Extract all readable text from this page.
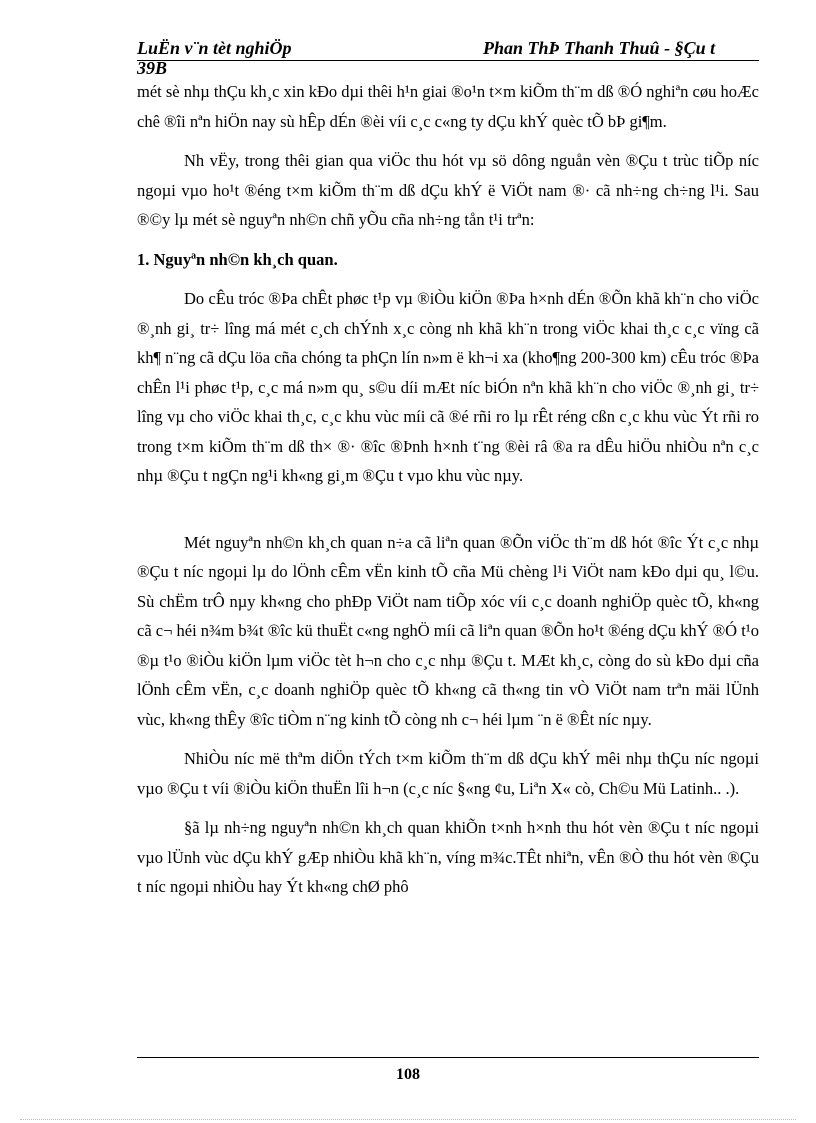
LuËn v¨n tèt nghiÖp
39B
Phan ThÞ Thanh Thuû - §Çu t

mét sè nhµ thÇu kh¸c xin kÐo dµi thêi h¹n giai ®o¹n t×m kiÕm th¨m dß ®Ó nghiªn cøu hoÆc chê ®îi nªn hiÖn nay sù hÊp dÉn ®èi víi c¸c c«ng ty dÇu khÝ quèc tÕ bÞ gi¶m.

Nh vËy, trong thêi gian qua viÖc thu hót vµ sö dông nguån vèn ®Çu t trùc tiÕp níc ngoµi vµo ho¹t ®éng t×m kiÕm th¨m dß dÇu khÝ ë ViÖt nam ®· cã nh÷ng ch÷ng l¹i. Sau ®©y lµ mét sè nguyªn nh©n chñ yÕu cña nh÷ng tån t¹i trªn:

1. Nguyªn nh©n kh¸ch quan.

Do cÊu tróc ®Þa chÊt phøc t¹p vµ ®iÒu kiÖn ®Þa h×nh dÉn ®Õn khã kh¨n cho viÖc ®¸nh gi¸ tr÷ lîng má mét c¸ch chÝnh x¸c còng nh khã kh¨n trong viÖc khai th¸c c¸c vïng cã kh¶ n¨ng cã dÇu löa cña chóng ta phÇn lín n»m ë kh¬i xa (kho¶ng 200-300 km) cÊu tróc ®Þa chÊn l¹i phøc t¹p, c¸c má n»m qu¸ s©u díi mÆt níc biÓn nªn khã kh¨n cho viÖc ®¸nh gi¸ tr÷ lîng vµ cho viÖc khai th¸c, c¸c khu vùc míi cã ®é rñi ro lµ rÊt réng cßn c¸c khu vùc Ýt rñi ro trong t×m kiÕm th¨m dß th× ®· ®îc ®Þnh h×nh t¨ng ®èi râ ®a ra dÊu hiÖu nhiÒu nªn c¸c nhµ ®Çu t ngÇn ng¹i kh«ng gi¸m ®Çu t vµo khu vùc nµy.

Mét nguyªn nh©n kh¸ch quan n÷a cã liªn quan ®Õn viÖc th¨m dß hót ®îc Ýt c¸c nhµ ®Çu t níc ngoµi lµ do lÖnh cÊm vËn kinh tÕ cña Mü chèng l¹i ViÖt nam kÐo dµi qu¸ l©u. Sù chËm trÔ nµy kh«ng cho phÐp ViÖt nam tiÕp xóc víi c¸c doanh nghiÖp quèc tÕ, kh«ng cã c¬ héi n¾m b¾t ®îc kü thuËt c«ng nghÖ míi cã liªn quan ®Õn ho¹t ®éng dÇu khÝ ®Ó t¹o ®µ t¹o ®iÒu kiÖn lµm viÖc tèt h¬n cho c¸c nhµ ®Çu t. MÆt kh¸c, còng do sù kÐo dµi cña lÖnh cÊm vËn, c¸c doanh nghiÖp quèc tÕ kh«ng cã th«ng tin vÒ ViÖt nam trªn mäi lÜnh vùc, kh«ng thÊy ®îc tiÒm n¨ng kinh tÕ còng nh c¬ héi lµm ¨n ë ®Êt níc nµy.

NhiÒu níc më thªm diÖn tÝch t×m kiÕm th¨m dß dÇu khÝ mêi nhµ thÇu níc ngoµi vµo ®Çu t víi ®iÒu kiÖn thuËn lîi h¬n (c¸c níc §«ng ¢u, Liªn X« cò, Ch©u Mü Latinh.. .).

§ã lµ nh÷ng nguyªn nh©n kh¸ch quan khiÕn t×nh h×nh thu hót vèn ®Çu t níc ngoµi vµo lÜnh vùc dÇu khÝ gÆp nhiÒu khã kh¨n, víng m¾c.TÊt nhiªn, vÊn ®Ò thu hót vèn ®Çu t níc ngoµi nhiÒu hay Ýt kh«ng chØ phô

108
